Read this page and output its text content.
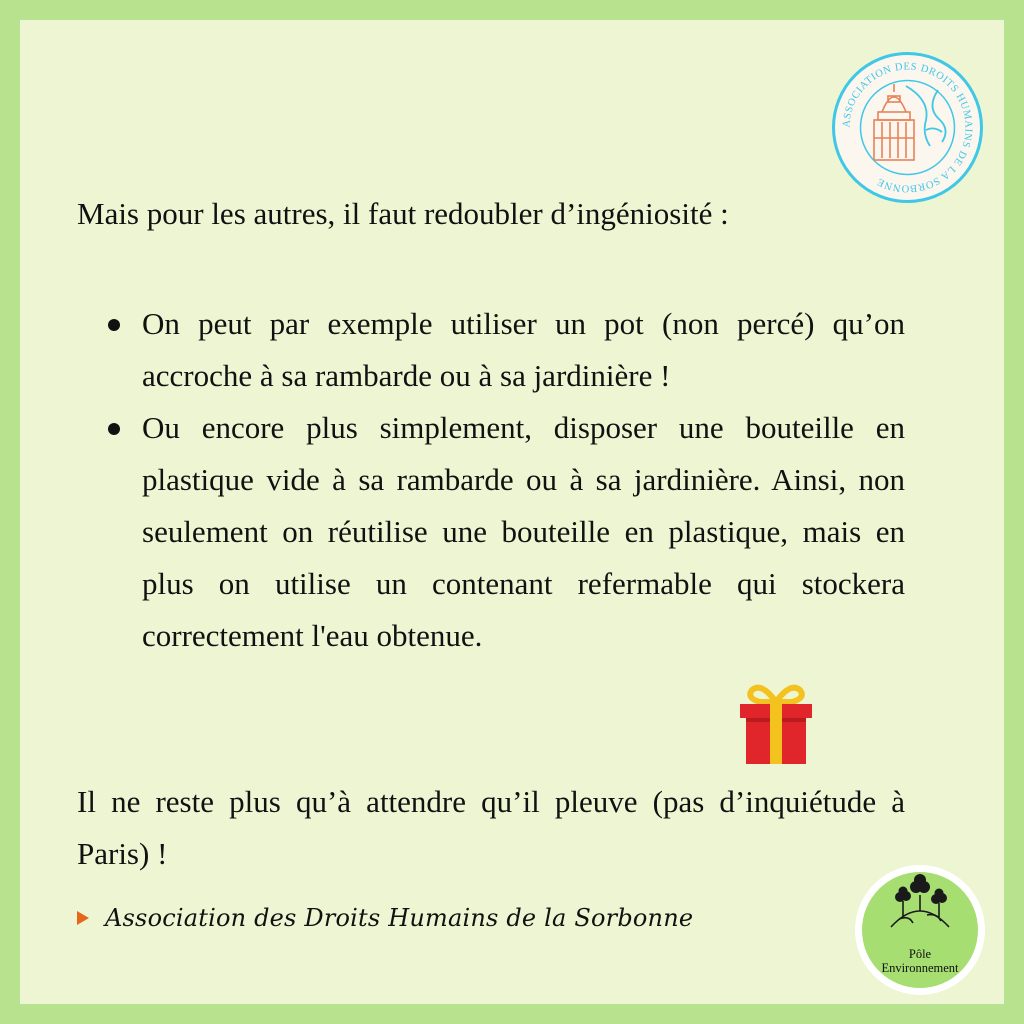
ASSOCIATION DES DROITS HUMAINS DE LA SORBONNE

Mais pour les autres, il faut redoubler d’ingéniosité :

On peut par exemple utiliser un pot (non percé) qu’on accroche à sa rambarde ou à sa jardinière !
Ou encore plus simplement, disposer une bouteille en plastique vide à sa rambarde ou à sa jardinière. Ainsi, non seulement on réutilise une bouteille en plastique, mais en plus on utilise un contenant refermable qui stockera correctement l'eau obtenue.

Il ne reste plus qu’à attendre qu’il pleuve (pas d’inquiétude à Paris) !

Association des Droits Humains de la Sorbonne
Pôle
Environnement
